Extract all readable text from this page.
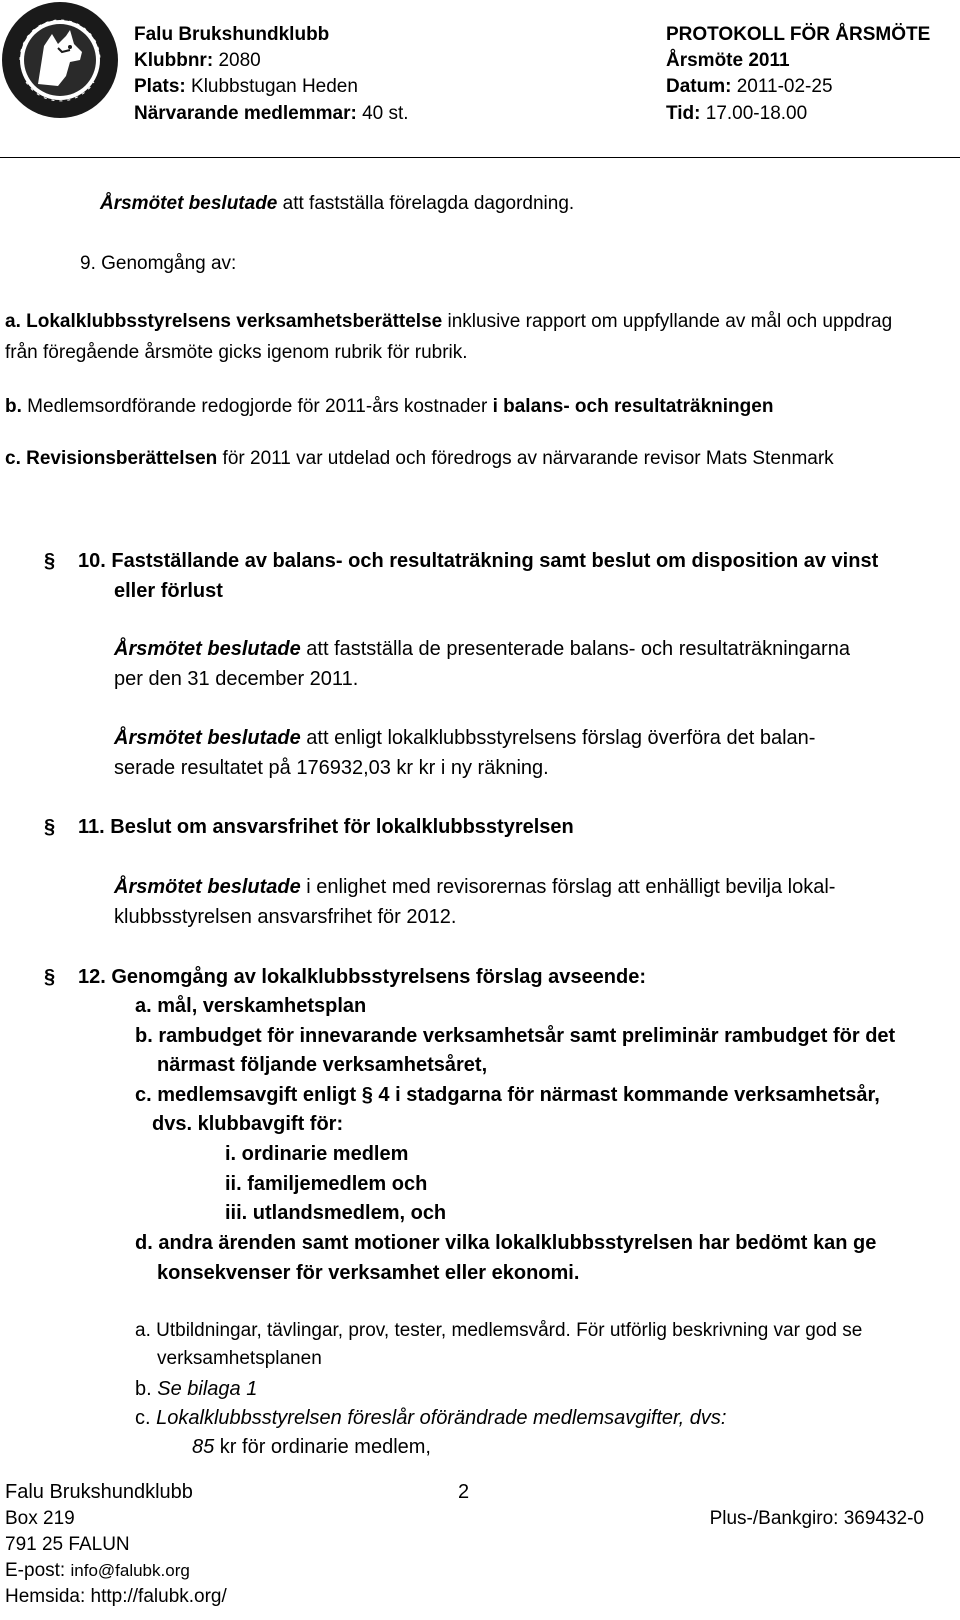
Falu Brukshundklubb
Klubbnr: 2080
Plats: Klubbstugan Heden
Närvarande medlemmar: 40 st.
PROTOKOLL FÖR ÅRSMÖTE
Årsmöte 2011
Datum: 2011-02-25
Tid: 17.00-18.00
Årsmötet beslutade att fastställa förelagda dagordning.
9. Genomgång av:
a. Lokalklubbsstyrelsens verksamhetsberättelse inklusive rapport om uppfyllande av mål och uppdrag
från föregående årsmöte gicks igenom rubrik för rubrik.
b. Medlemsordförande redogjorde för 2011-års kostnader i balans- och resultaträkningen
c. Revisionsberättelsen för 2011 var utdelad och föredrogs av närvarande revisor Mats Stenmark
§ 10. Fastställande av balans- och resultaträkning samt beslut om disposition av vinst
eller förlust
Årsmötet beslutade att fastställa de presenterade balans- och resultaträkningarna
per den 31 december 2011.
Årsmötet beslutade att enligt lokalklubbsstyrelsens förslag överföra det balan-
serade resultatet på 176932,03 kr kr i ny räkning.
§ 11. Beslut om ansvarsfrihet för lokalklubbsstyrelsen
Årsmötet beslutade i enlighet med revisorernas förslag att enhälligt bevilja lokal-
klubbsstyrelsen ansvarsfrihet för 2012.
§ 12. Genomgång av lokalklubbsstyrelsens förslag avseende:
a. mål, verskamhetsplan
b. rambudget för innevarande verksamhetsår samt preliminär rambudget för det
närmast följande verksamhetsåret,
c. medlemsavgift enligt § 4 i stadgarna för närmast kommande verksamhetsår,
dvs. klubbavgift för:
i. ordinarie medlem
ii. familjemedlem och
iii. utlandsmedlem, och
d. andra ärenden samt motioner vilka lokalklubbsstyrelsen har bedömt kan ge
konsekvenser för verksamhet eller ekonomi.
a. Utbildningar, tävlingar, prov, tester, medlemsvård. För utförlig beskrivning var god se
verksamhetsplanen
b. Se bilaga 1
c. Lokalklubbsstyrelsen föreslår oförändrade medlemsavgifter, dvs:
85 kr för ordinarie medlem,
Falu Brukshundklubb	2
Box 219	Plus-/Bankgiro: 369432-0
791 25 FALUN
E-post: info@falubk.org
Hemsida: http://falubk.org/
